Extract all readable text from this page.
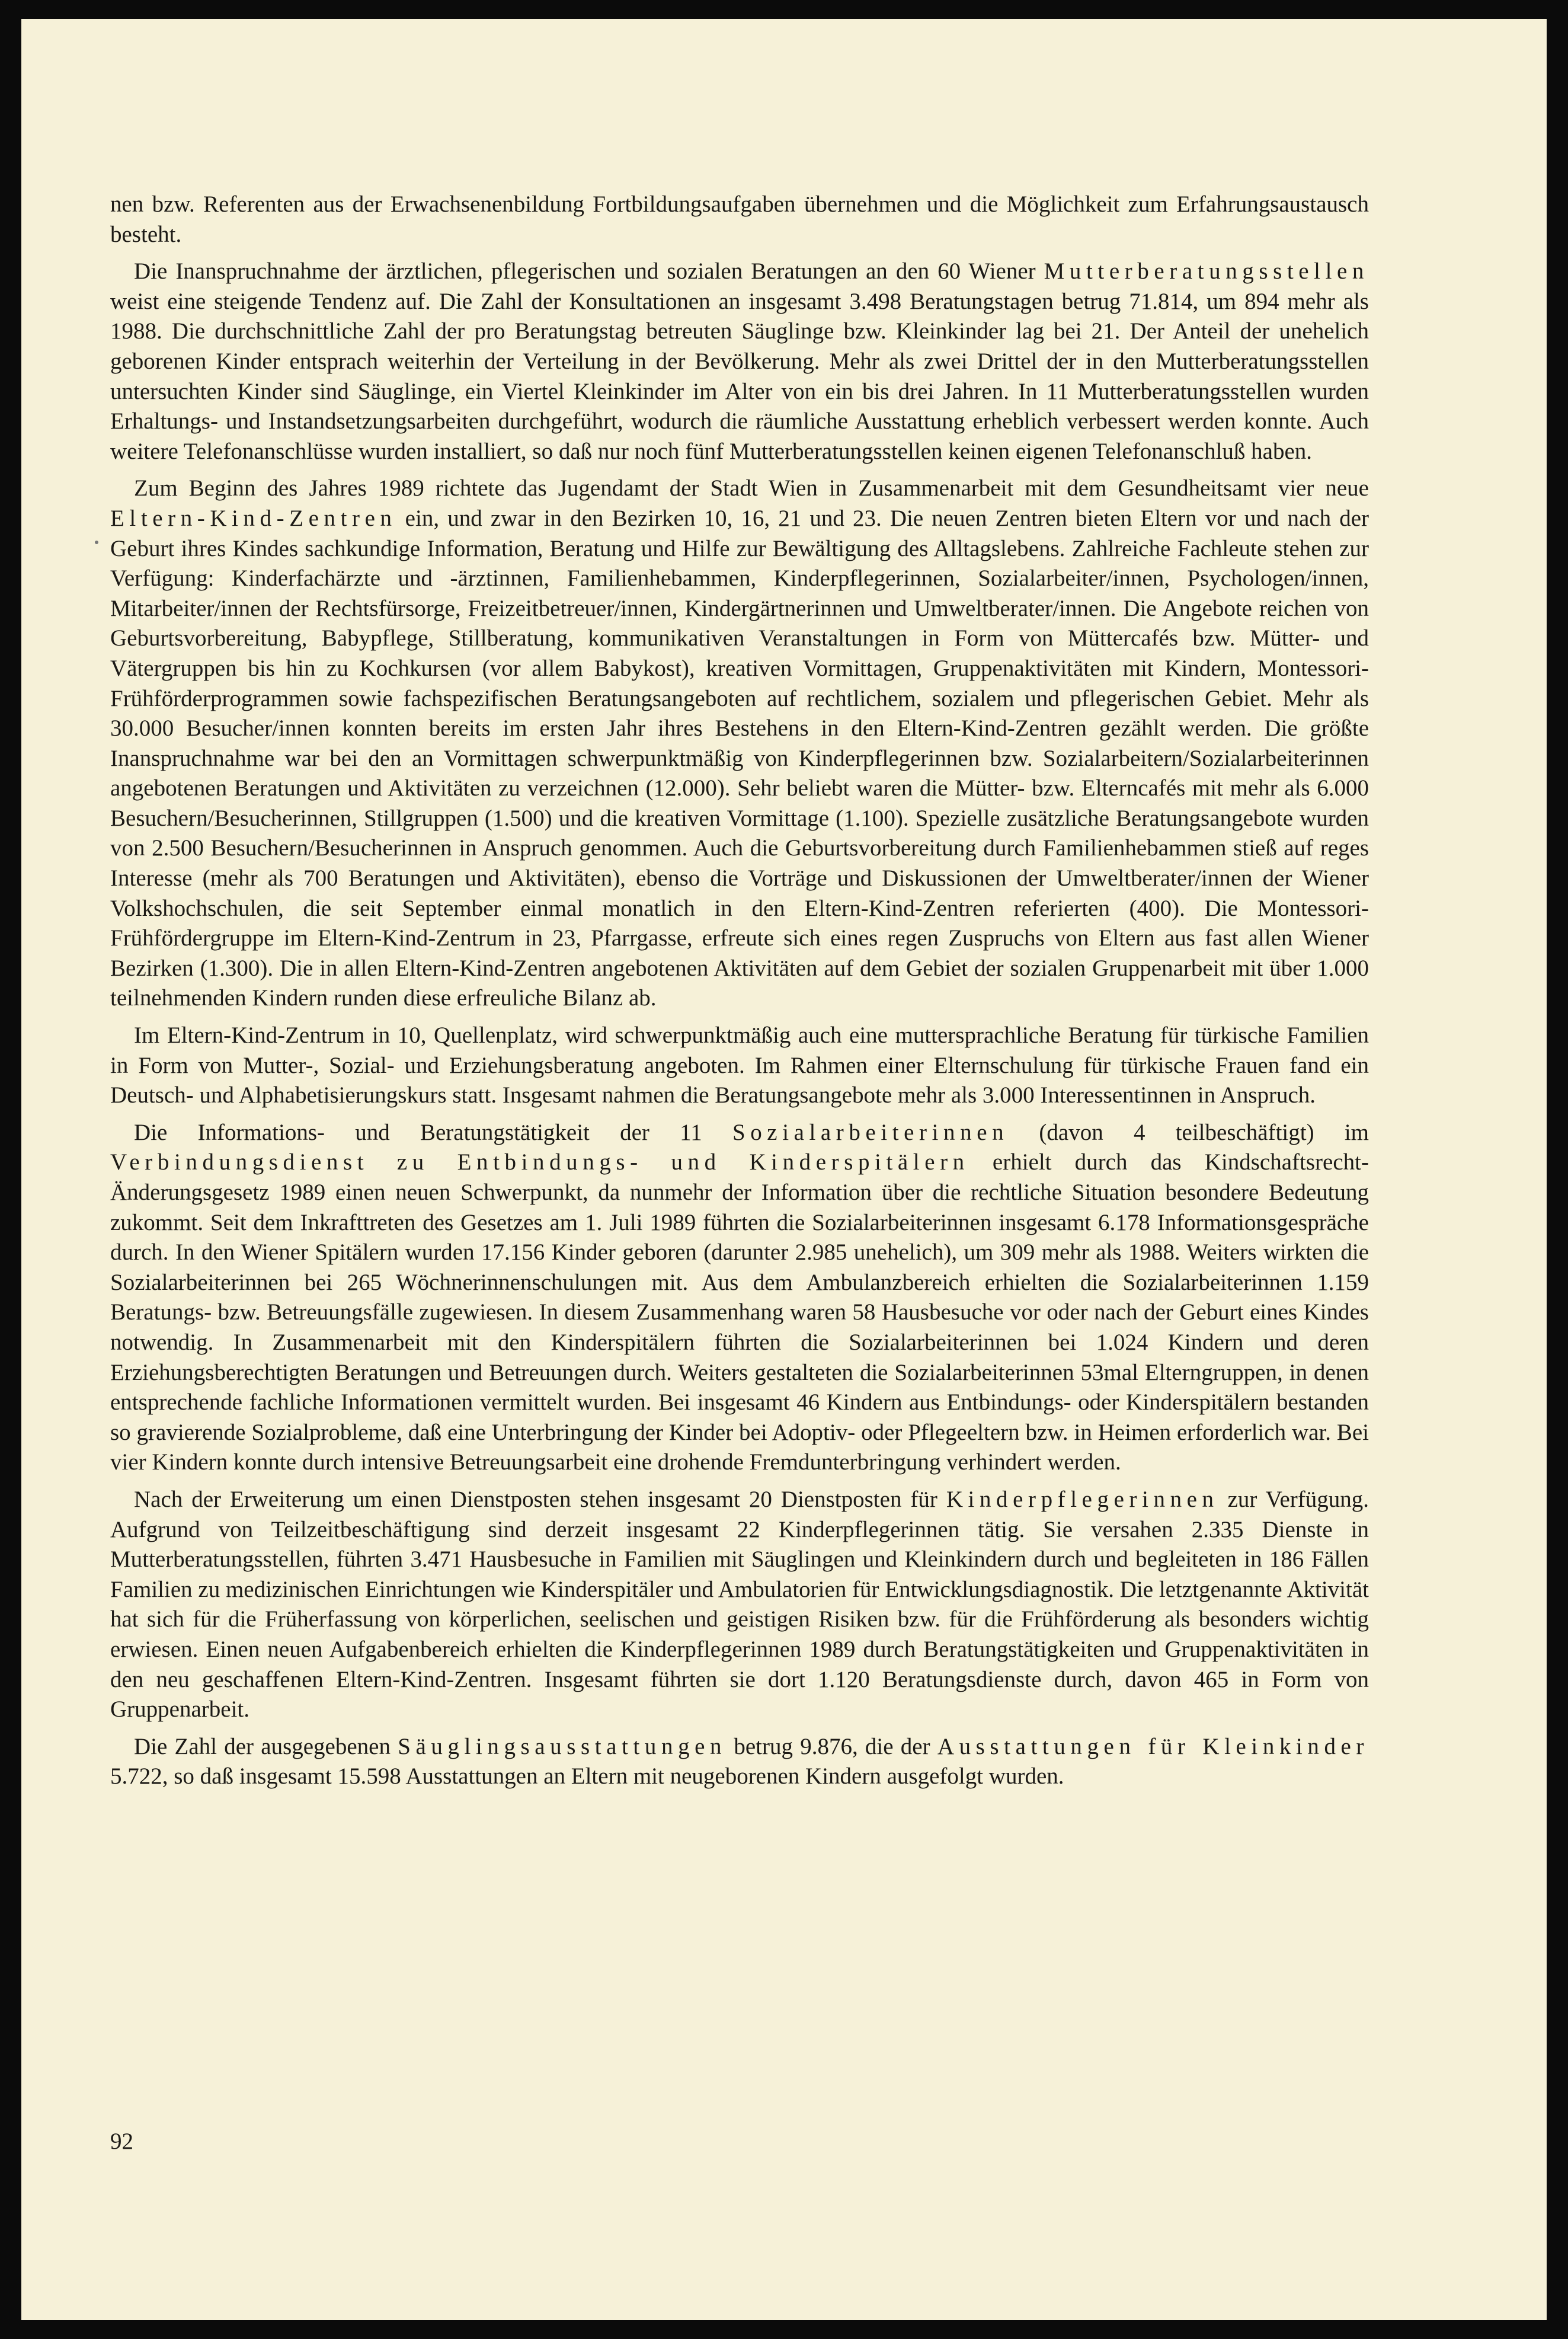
nen bzw. Referenten aus der Erwachsenenbildung Fortbildungsaufgaben übernehmen und die Möglichkeit zum Erfahrungsaustausch besteht.

Die Inanspruchnahme der ärztlichen, pflegerischen und sozialen Beratungen an den 60 Wiener Mutterberatungsstellen weist eine steigende Tendenz auf. Die Zahl der Konsultationen an insgesamt 3.498 Beratungstagen betrug 71.814, um 894 mehr als 1988. Die durchschnittliche Zahl der pro Beratungstag betreuten Säuglinge bzw. Kleinkinder lag bei 21. Der Anteil der unehelich geborenen Kinder entsprach weiterhin der Verteilung in der Bevölkerung. Mehr als zwei Drittel der in den Mutterberatungsstellen untersuchten Kinder sind Säuglinge, ein Viertel Kleinkinder im Alter von ein bis drei Jahren. In 11 Mutterberatungsstellen wurden Erhaltungs- und Instandsetzungsarbeiten durchgeführt, wodurch die räumliche Ausstattung erheblich verbessert werden konnte. Auch weitere Telefonanschlüsse wurden installiert, so daß nur noch fünf Mutterberatungsstellen keinen eigenen Telefonanschluß haben.

Zum Beginn des Jahres 1989 richtete das Jugendamt der Stadt Wien in Zusammenarbeit mit dem Gesundheitsamt vier neue Eltern-Kind-Zentren ein, und zwar in den Bezirken 10, 16, 21 und 23. Die neuen Zentren bieten Eltern vor und nach der Geburt ihres Kindes sachkundige Information, Beratung und Hilfe zur Bewältigung des Alltagslebens. Zahlreiche Fachleute stehen zur Verfügung: Kinderfachärzte und -ärztinnen, Familienhebammen, Kinderpflegerinnen, Sozialarbeiter/innen, Psychologen/innen, Mitarbeiter/innen der Rechtsfürsorge, Freizeitbetreuer/innen, Kindergärtnerinnen und Umweltberater/innen. Die Angebote reichen von Geburtsvorbereitung, Babypflege, Stillberatung, kommunikativen Veranstaltungen in Form von Müttercafés bzw. Mütter- und Vätergruppen bis hin zu Kochkursen (vor allem Babykost), kreativen Vormittagen, Gruppenaktivitäten mit Kindern, Montessori-Frühförderprogrammen sowie fachspezifischen Beratungsangeboten auf rechtlichem, sozialem und pflegerischen Gebiet. Mehr als 30.000 Besucher/innen konnten bereits im ersten Jahr ihres Bestehens in den Eltern-Kind-Zentren gezählt werden. Die größte Inanspruchnahme war bei den an Vormittagen schwerpunktmäßig von Kinderpflegerinnen bzw. Sozialarbeitern/Sozialarbeiterinnen angebotenen Beratungen und Aktivitäten zu verzeichnen (12.000). Sehr beliebt waren die Mütter- bzw. Elterncafés mit mehr als 6.000 Besuchern/Besucherinnen, Stillgruppen (1.500) und die kreativen Vormittage (1.100). Spezielle zusätzliche Beratungsangebote wurden von 2.500 Besuchern/Besucherinnen in Anspruch genommen. Auch die Geburtsvorbereitung durch Familienhebammen stieß auf reges Interesse (mehr als 700 Beratungen und Aktivitäten), ebenso die Vorträge und Diskussionen der Umweltberater/innen der Wiener Volkshochschulen, die seit September einmal monatlich in den Eltern-Kind-Zentren referierten (400). Die Montessori-Frühfördergruppe im Eltern-Kind-Zentrum in 23, Pfarrgasse, erfreute sich eines regen Zuspruchs von Eltern aus fast allen Wiener Bezirken (1.300). Die in allen Eltern-Kind-Zentren angebotenen Aktivitäten auf dem Gebiet der sozialen Gruppenarbeit mit über 1.000 teilnehmenden Kindern runden diese erfreuliche Bilanz ab.

Im Eltern-Kind-Zentrum in 10, Quellenplatz, wird schwerpunktmäßig auch eine muttersprachliche Beratung für türkische Familien in Form von Mutter-, Sozial- und Erziehungsberatung angeboten. Im Rahmen einer Elternschulung für türkische Frauen fand ein Deutsch- und Alphabetisierungskurs statt. Insgesamt nahmen die Beratungsangebote mehr als 3.000 Interessentinnen in Anspruch.

Die Informations- und Beratungstätigkeit der 11 Sozialarbeiterinnen (davon 4 teilbeschäftigt) im Verbindungsdienst zu Entbindungs- und Kinderspitälern erhielt durch das Kindschaftsrecht-Änderungsgesetz 1989 einen neuen Schwerpunkt, da nunmehr der Information über die rechtliche Situation besondere Bedeutung zukommt. Seit dem Inkrafttreten des Gesetzes am 1. Juli 1989 führten die Sozialarbeiterinnen insgesamt 6.178 Informationsgespräche durch. In den Wiener Spitälern wurden 17.156 Kinder geboren (darunter 2.985 unehelich), um 309 mehr als 1988. Weiters wirkten die Sozialarbeiterinnen bei 265 Wöchnerinnenschulungen mit. Aus dem Ambulanzbereich erhielten die Sozialarbeiterinnen 1.159 Beratungs- bzw. Betreuungsfälle zugewiesen. In diesem Zusammenhang waren 58 Hausbesuche vor oder nach der Geburt eines Kindes notwendig. In Zusammenarbeit mit den Kinderspitälern führten die Sozialarbeiterinnen bei 1.024 Kindern und deren Erziehungsberechtigten Beratungen und Betreuungen durch. Weiters gestalteten die Sozialarbeiterinnen 53mal Elterngruppen, in denen entsprechende fachliche Informationen vermittelt wurden. Bei insgesamt 46 Kindern aus Entbindungs- oder Kinderspitälern bestanden so gravierende Sozialprobleme, daß eine Unterbringung der Kinder bei Adoptiv- oder Pflegeeltern bzw. in Heimen erforderlich war. Bei vier Kindern konnte durch intensive Betreuungsarbeit eine drohende Fremdunterbringung verhindert werden.

Nach der Erweiterung um einen Dienstposten stehen insgesamt 20 Dienstposten für Kinderpflegerinnen zur Verfügung. Aufgrund von Teilzeitbeschäftigung sind derzeit insgesamt 22 Kinderpflegerinnen tätig. Sie versahen 2.335 Dienste in Mutterberatungsstellen, führten 3.471 Hausbesuche in Familien mit Säuglingen und Kleinkindern durch und begleiteten in 186 Fällen Familien zu medizinischen Einrichtungen wie Kinderspitäler und Ambulatorien für Entwicklungsdiagnostik. Die letztgenannte Aktivität hat sich für die Früherfassung von körperlichen, seelischen und geistigen Risiken bzw. für die Frühförderung als besonders wichtig erwiesen. Einen neuen Aufgabenbereich erhielten die Kinderpflegerinnen 1989 durch Beratungstätigkeiten und Gruppenaktivitäten in den neu geschaffenen Eltern-Kind-Zentren. Insgesamt führten sie dort 1.120 Beratungsdienste durch, davon 465 in Form von Gruppenarbeit.

Die Zahl der ausgegebenen Säuglingsausstattungen betrug 9.876, die der Ausstattungen für Kleinkinder 5.722, so daß insgesamt 15.598 Ausstattungen an Eltern mit neugeborenen Kindern ausgefolgt wurden.

92
